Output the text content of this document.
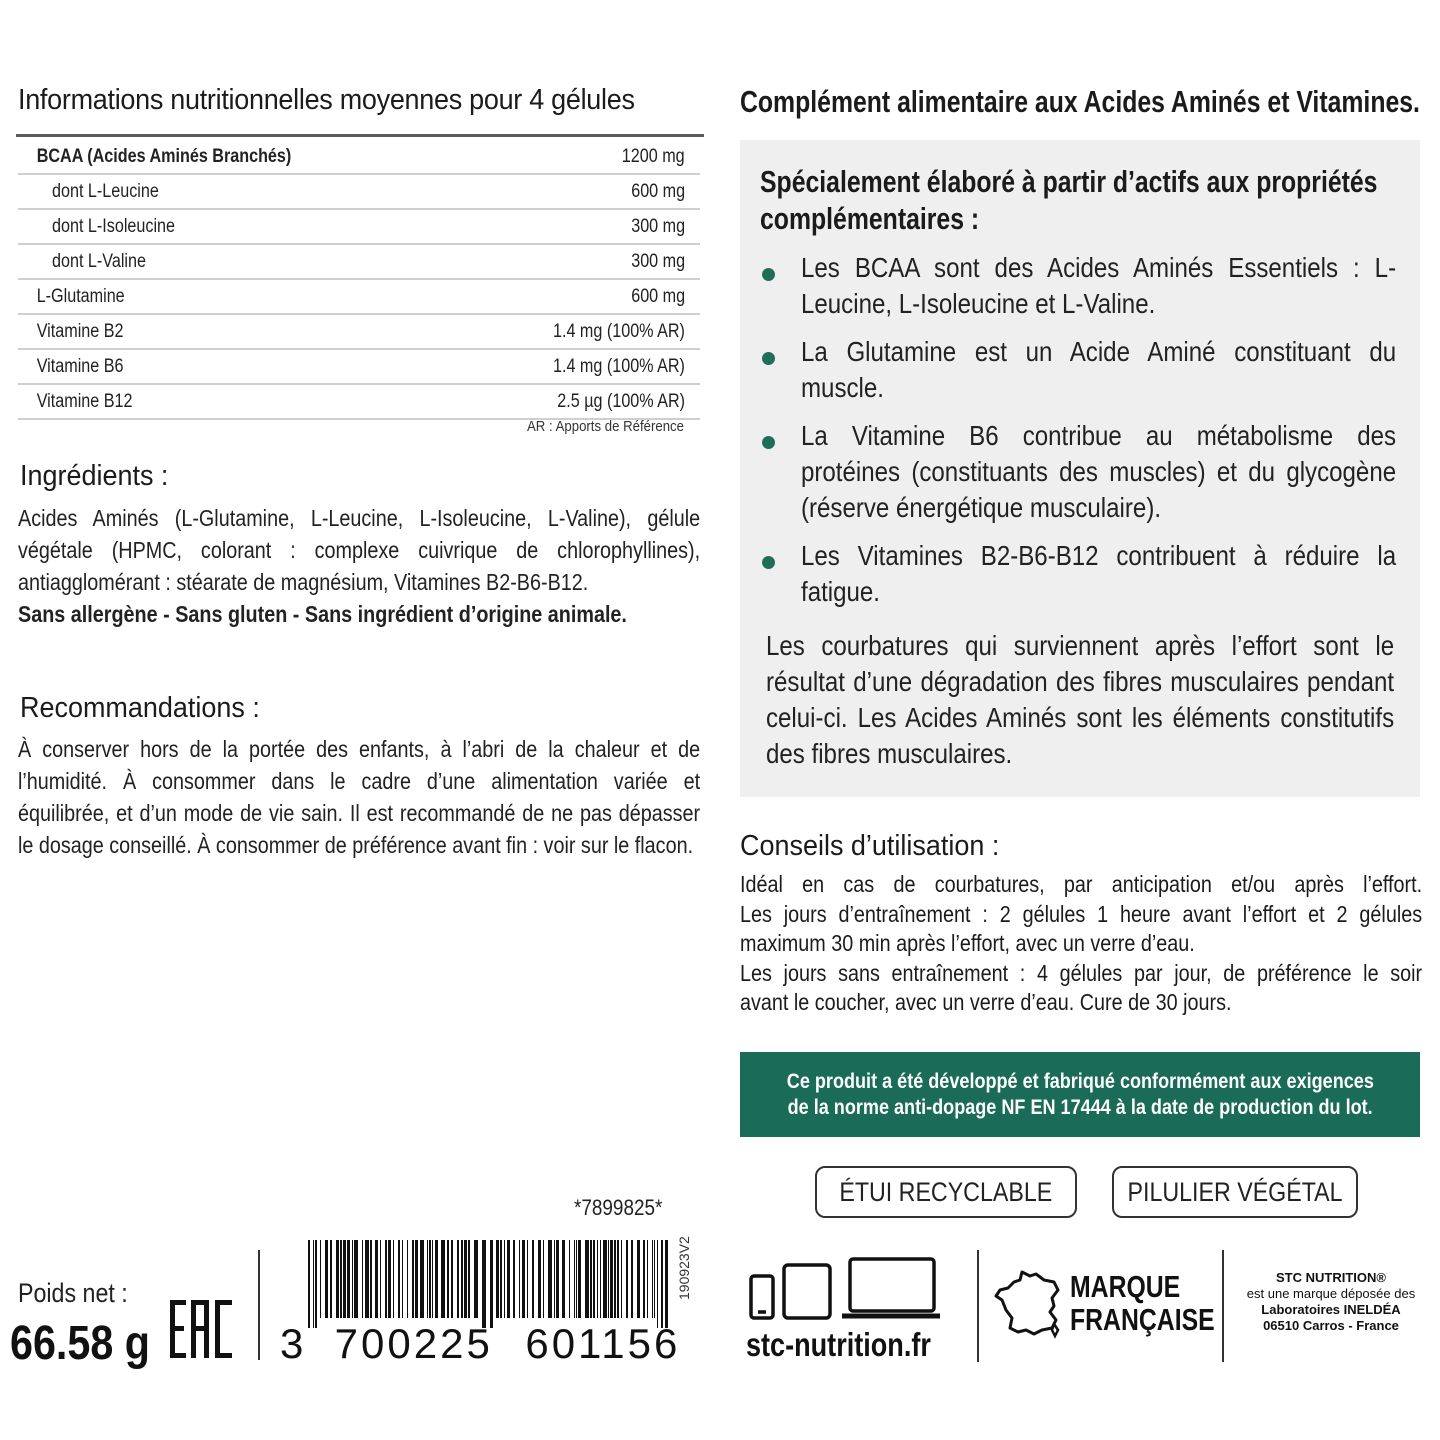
Informations nutritionnelles moyennes pour 4 gélules
BCAA (Acides Aminés Branchés)	1200 mg
dont L-Leucine	600 mg
dont L-Isoleucine	300 mg
dont L-Valine	300 mg
L-Glutamine	600 mg
Vitamine B2	1.4 mg (100% AR)
Vitamine B6	1.4 mg (100% AR)
Vitamine B12	2.5 µg (100% AR)
AR : Apports de Référence
Ingrédients :
Acides Aminés (L-Glutamine, L-Leucine, L-Isoleucine, L-Valine), gélule végétale (HPMC, colorant : complexe cuivrique de chlorophyllines), antiagglomérant : stéarate de magnésium, Vitamines B2-B6-B12.
Sans allergène - Sans gluten - Sans ingrédient d’origine animale.
Recommandations :
À conserver hors de la portée des enfants, à l’abri de la chaleur et de l’humidité. À consommer dans le cadre d’une alimentation variée et équilibrée, et d’un mode de vie sain. Il est recommandé de ne pas dépasser le dosage conseillé. À consommer de préférence avant fin : voir sur le flacon.
Poids net :
66.58 g
*7899825*
3 700225 601156
190923V2
Complément alimentaire aux Acides Aminés et Vitamines.
Spécialement élaboré à partir d’actifs aux propriétés complémentaires :
Les BCAA sont des Acides Aminés Essentiels : L-Leucine, L-Isoleucine et L-Valine.
La Glutamine est un Acide Aminé constituant du muscle.
La Vitamine B6 contribue au métabolisme des protéines (constituants des muscles) et du glycogène (réserve énergétique musculaire).
Les Vitamines B2-B6-B12 contribuent à réduire la fatigue.
Les courbatures qui surviennent après l’effort sont le résultat d’une dégradation des fibres musculaires pendant celui-ci. Les Acides Aminés sont les éléments constitutifs des fibres musculaires.
Conseils d’utilisation :
Idéal en cas de courbatures, par anticipation et/ou après l’effort.
Les jours d’entraînement : 2 gélules 1 heure avant l’effort et 2 gélules
maximum 30 min après l’effort, avec un verre d’eau.
Les jours sans entraînement : 4 gélules par jour, de préférence le soir
avant le coucher, avec un verre d’eau. Cure de 30 jours.
Ce produit a été développé et fabriqué conformément aux exigences
de la norme anti-dopage NF EN 17444 à la date de production du lot.
ÉTUI RECYCLABLE	PILULIER VÉGÉTAL
stc-nutrition.fr
MARQUE
FRANÇAISE
STC NUTRITION®
est une marque déposée des
Laboratoires INELDÉA
06510 Carros - France
